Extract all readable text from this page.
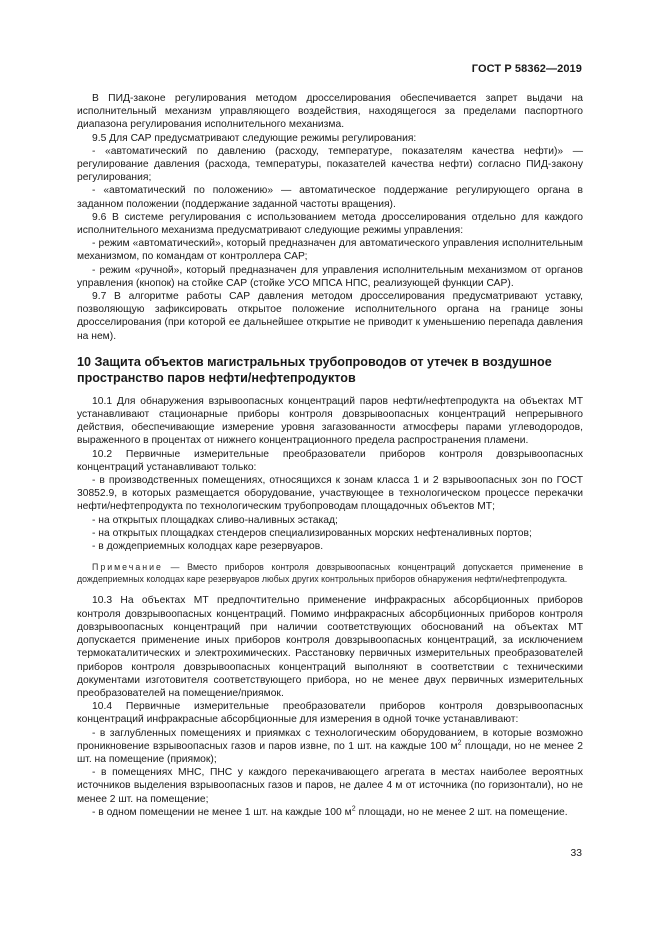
ГОСТ Р 58362—2019

В ПИД-законе регулирования методом дросселирования обеспечивается запрет выдачи на исполнительный механизм управляющего воздействия, находящегося за пределами паспортного диапазона регулирования исполнительного механизма.

9.5 Для САР предусматривают следующие режимы регулирования:

- «автоматический по давлению (расходу, температуре, показателям качества нефти)» — регулирование давления (расхода, температуры, показателей качества нефти) согласно ПИД-закону регулирования;

- «автоматический по положению» — автоматическое поддержание регулирующего органа в заданном положении (поддержание заданной частоты вращения).

9.6 В системе регулирования с использованием метода дросселирования отдельно для каждого исполнительного механизма предусматривают следующие режимы управления:

- режим «автоматический», который предназначен для автоматического управления исполнительным механизмом, по командам от контроллера САР;

- режим «ручной», который предназначен для управления исполнительным механизмом от органов управления (кнопок) на стойке САР (стойке УСО МПСА НПС, реализующей функции САР).

9.7 В алгоритме работы САР давления методом дросселирования предусматривают уставку, позволяющую зафиксировать открытое положение исполнительного органа на границе зоны дросселирования (при которой ее дальнейшее открытие не приводит к уменьшению перепада давления на нем).

10 Защита объектов магистральных трубопроводов от утечек в воздушное пространство паров нефти/нефтепродуктов

10.1 Для обнаружения взрывоопасных концентраций паров нефти/нефтепродукта на объектах МТ устанавливают стационарные приборы контроля довзрывоопасных концентраций непрерывного действия, обеспечивающие измерение уровня загазованности атмосферы парами углеводородов, выраженного в процентах от нижнего концентрационного предела распространения пламени.

10.2 Первичные измерительные преобразователи приборов контроля довзрывоопасных концентраций устанавливают только:

- в производственных помещениях, относящихся к зонам класса 1 и 2 взрывоопасных зон по ГОСТ 30852.9, в которых размещается оборудование, участвующее в технологическом процессе перекачки нефти/нефтепродукта по технологическим трубопроводам площадочных объектов МТ;

- на открытых площадках сливо-наливных эстакад;

- на открытых площадках стендеров специализированных морских нефтеналивных портов;

- в дождеприемных колодцах каре резервуаров.

Примечание — Вместо приборов контроля довзрывоопасных концентраций допускается применение в дождеприемных колодцах каре резервуаров любых других контрольных приборов обнаружения нефти/нефтепродукта.

10.3 На объектах МТ предпочтительно применение инфракрасных абсорбционных приборов контроля довзрывоопасных концентраций. Помимо инфракрасных абсорбционных приборов контроля довзрывоопасных концентраций при наличии соответствующих обоснований на объектах МТ допускается применение иных приборов контроля довзрывоопасных концентраций, за исключением термокаталитических и электрохимических. Расстановку первичных измерительных преобразователей приборов контроля довзрывоопасных концентраций выполняют в соответствии с техническими документами изготовителя соответствующего прибора, но не менее двух первичных измерительных преобразователей на помещение/приямок.

10.4 Первичные измерительные преобразователи приборов контроля довзрывоопасных концентраций инфракрасные абсорбционные для измерения в одной точке устанавливают:

- в заглубленных помещениях и приямках с технологическим оборудованием, в которые возможно проникновение взрывоопасных газов и паров извне, по 1 шт. на каждые 100 $м^2$ площади, но не менее 2 шт. на помещение (приямок);

- в помещениях МНС, ПНС у каждого перекачивающего агрегата в местах наиболее вероятных источников выделения взрывоопасных газов и паров, не далее 4 м от источника (по горизонтали), но не менее 2 шт. на помещение;

- в одном помещении не менее 1 шт. на каждые 100 $м^2$ площади, но не менее 2 шт. на помещение.

33
